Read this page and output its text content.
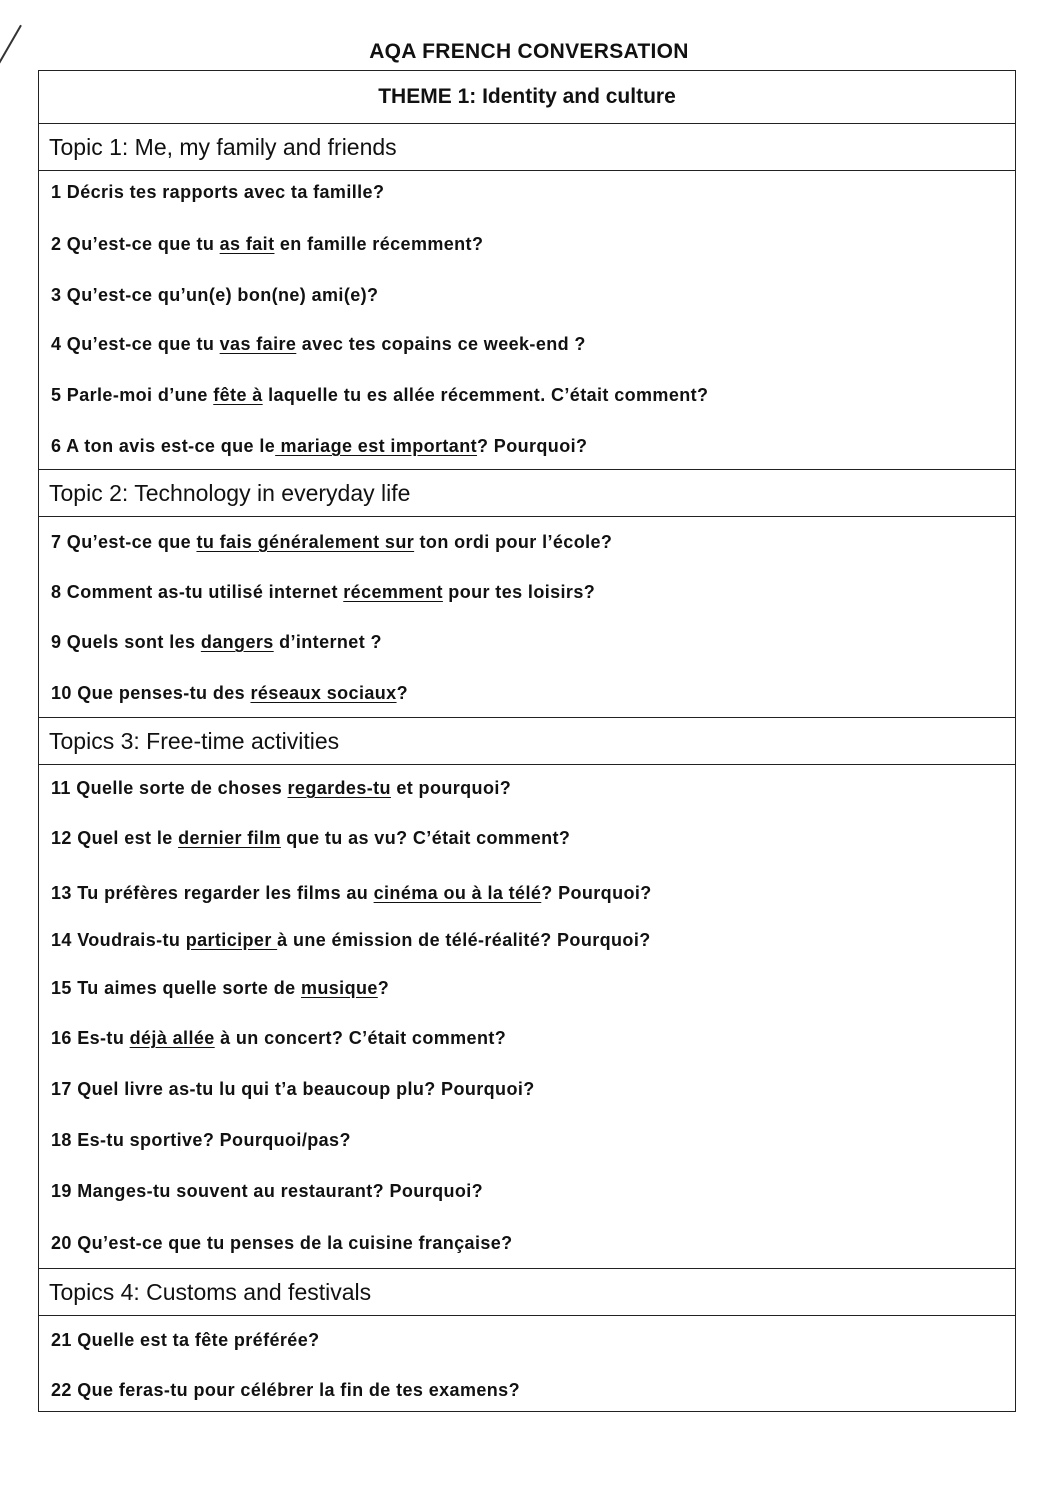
AQA FRENCH CONVERSATION
THEME 1: Identity and culture
Topic 1: Me, my family and friends
Topic 2: Technology in everyday life
Topics 3: Free-time activities
Topics 4: Customs and festivals
1 Décris tes rapports avec ta famille?
2 Qu’est-ce que tu as fait en famille récemment?
3 Qu’est-ce qu’un(e) bon(ne) ami(e)?
4 Qu’est-ce que tu vas faire avec tes copains ce week-end ?
5 Parle-moi d’une fête à laquelle tu es allée récemment. C’était comment?
6 A ton avis est-ce que le mariage est important? Pourquoi?
7 Qu’est-ce que tu fais généralement sur ton ordi pour l’école?
8 Comment as-tu utilisé internet récemment pour tes loisirs?
9 Quels sont les dangers d’internet ?
10 Que penses-tu des réseaux sociaux?
11 Quelle sorte de choses regardes-tu et pourquoi?
12 Quel est le dernier film que tu as vu? C’était comment?
13 Tu préfères regarder les films au cinéma ou à la télé? Pourquoi?
14 Voudrais-tu participer à une émission de télé-réalité? Pourquoi?
15 Tu aimes quelle sorte de musique?
16 Es-tu déjà allée à un concert? C’était comment?
17 Quel livre as-tu lu qui t’a beaucoup plu? Pourquoi?
18 Es-tu sportive? Pourquoi/pas?
19 Manges-tu souvent au restaurant? Pourquoi?
20 Qu’est-ce que tu penses de la cuisine française?
21 Quelle est ta fête préférée?
22 Que feras-tu pour célébrer la fin de tes examens?
